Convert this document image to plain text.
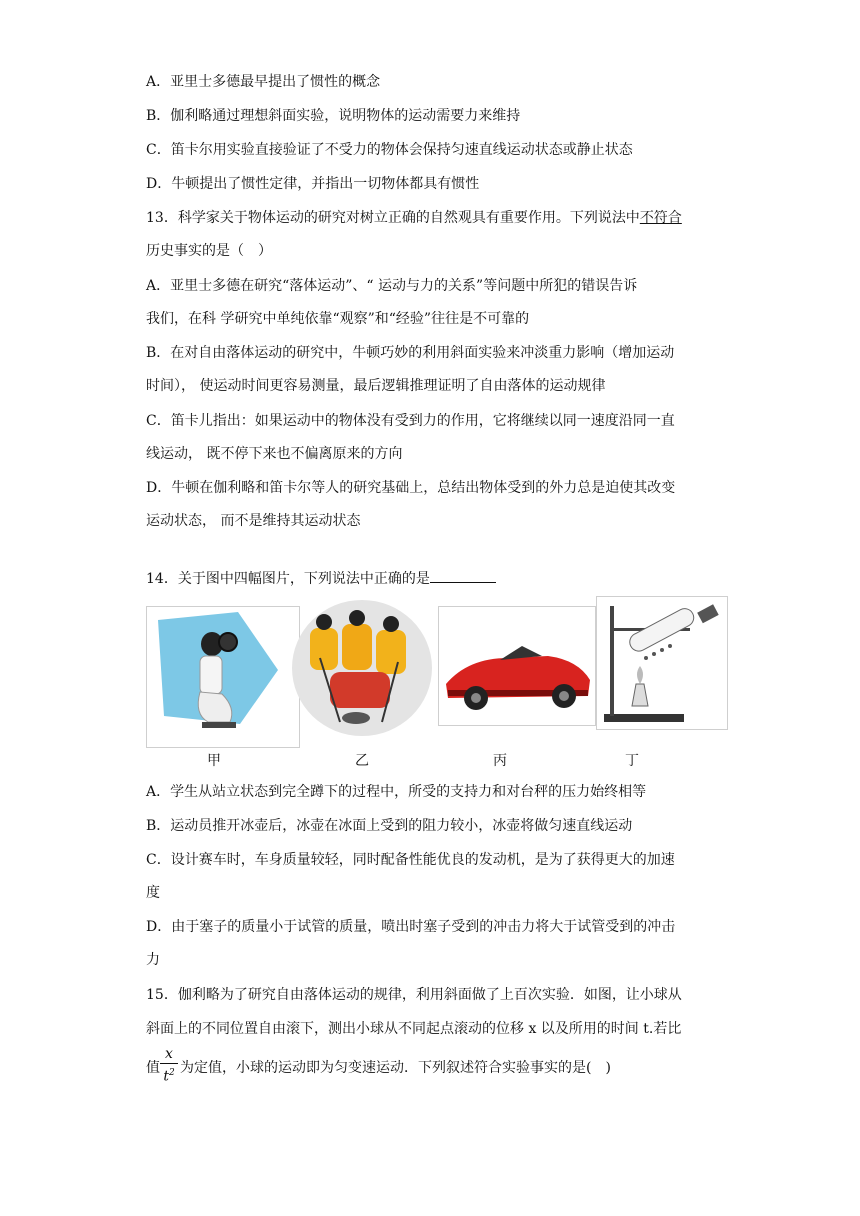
A．亚里士多德最早提出了惯性的概念
B．伽利略通过理想斜面实验，说明物体的运动需要力来维持
C．笛卡尔用实验直接验证了不受力的物体会保持匀速直线运动状态或静止状态
D．牛顿提出了惯性定律，并指出一切物体都具有惯性
13．科学家关于物体运动的研究对树立正确的自然观具有重要作用。下列说法中不符合
历史事实的是（　）
A．亚里士多德在研究“落体运动”、“ 运动与力的关系”等问题中所犯的错误告诉
我们，在科 学研究中单纯依靠“观察”和“经验”往往是不可靠的
B．在对自由落体运动的研究中，牛顿巧妙的利用斜面实验来冲淡重力影响（增加运动
时间）， 使运动时间更容易测量，最后逻辑推理证明了自由落体的运动规律
C．笛卡儿指出：如果运动中的物体没有受到力的作用，它将继续以同一速度沿同一直
线运动， 既不停下来也不偏离原来的方向
D．牛顿在伽利略和笛卡尔等人的研究基础上，总结出物体受到的外力总是迫使其改变
运动状态， 而不是维持其运动状态
14．关于图中四幅图片，下列说法中正确的是
甲	乙	丙	丁
A．学生从站立状态到完全蹲下的过程中，所受的支持力和对台秤的压力始终相等
B．运动员推开冰壶后，冰壶在冰面上受到的阻力较小，冰壶将做匀速直线运动
C．设计赛车时，车身质量较轻，同时配备性能优良的发动机，是为了获得更大的加速
度
D．由于塞子的质量小于试管的质量，喷出时塞子受到的冲击力将大于试管受到的冲击
力
15．伽利略为了研究自由落体运动的规律，利用斜面做了上百次实验．如图，让小球从
斜面上的不同位置自由滚下，测出小球从不同起点滚动的位移 x 以及所用的时间 t.若比
值
x
$t^2$ 为定值，小球的运动即为匀变速运动．下列叙述符合实验事实的是(　)
